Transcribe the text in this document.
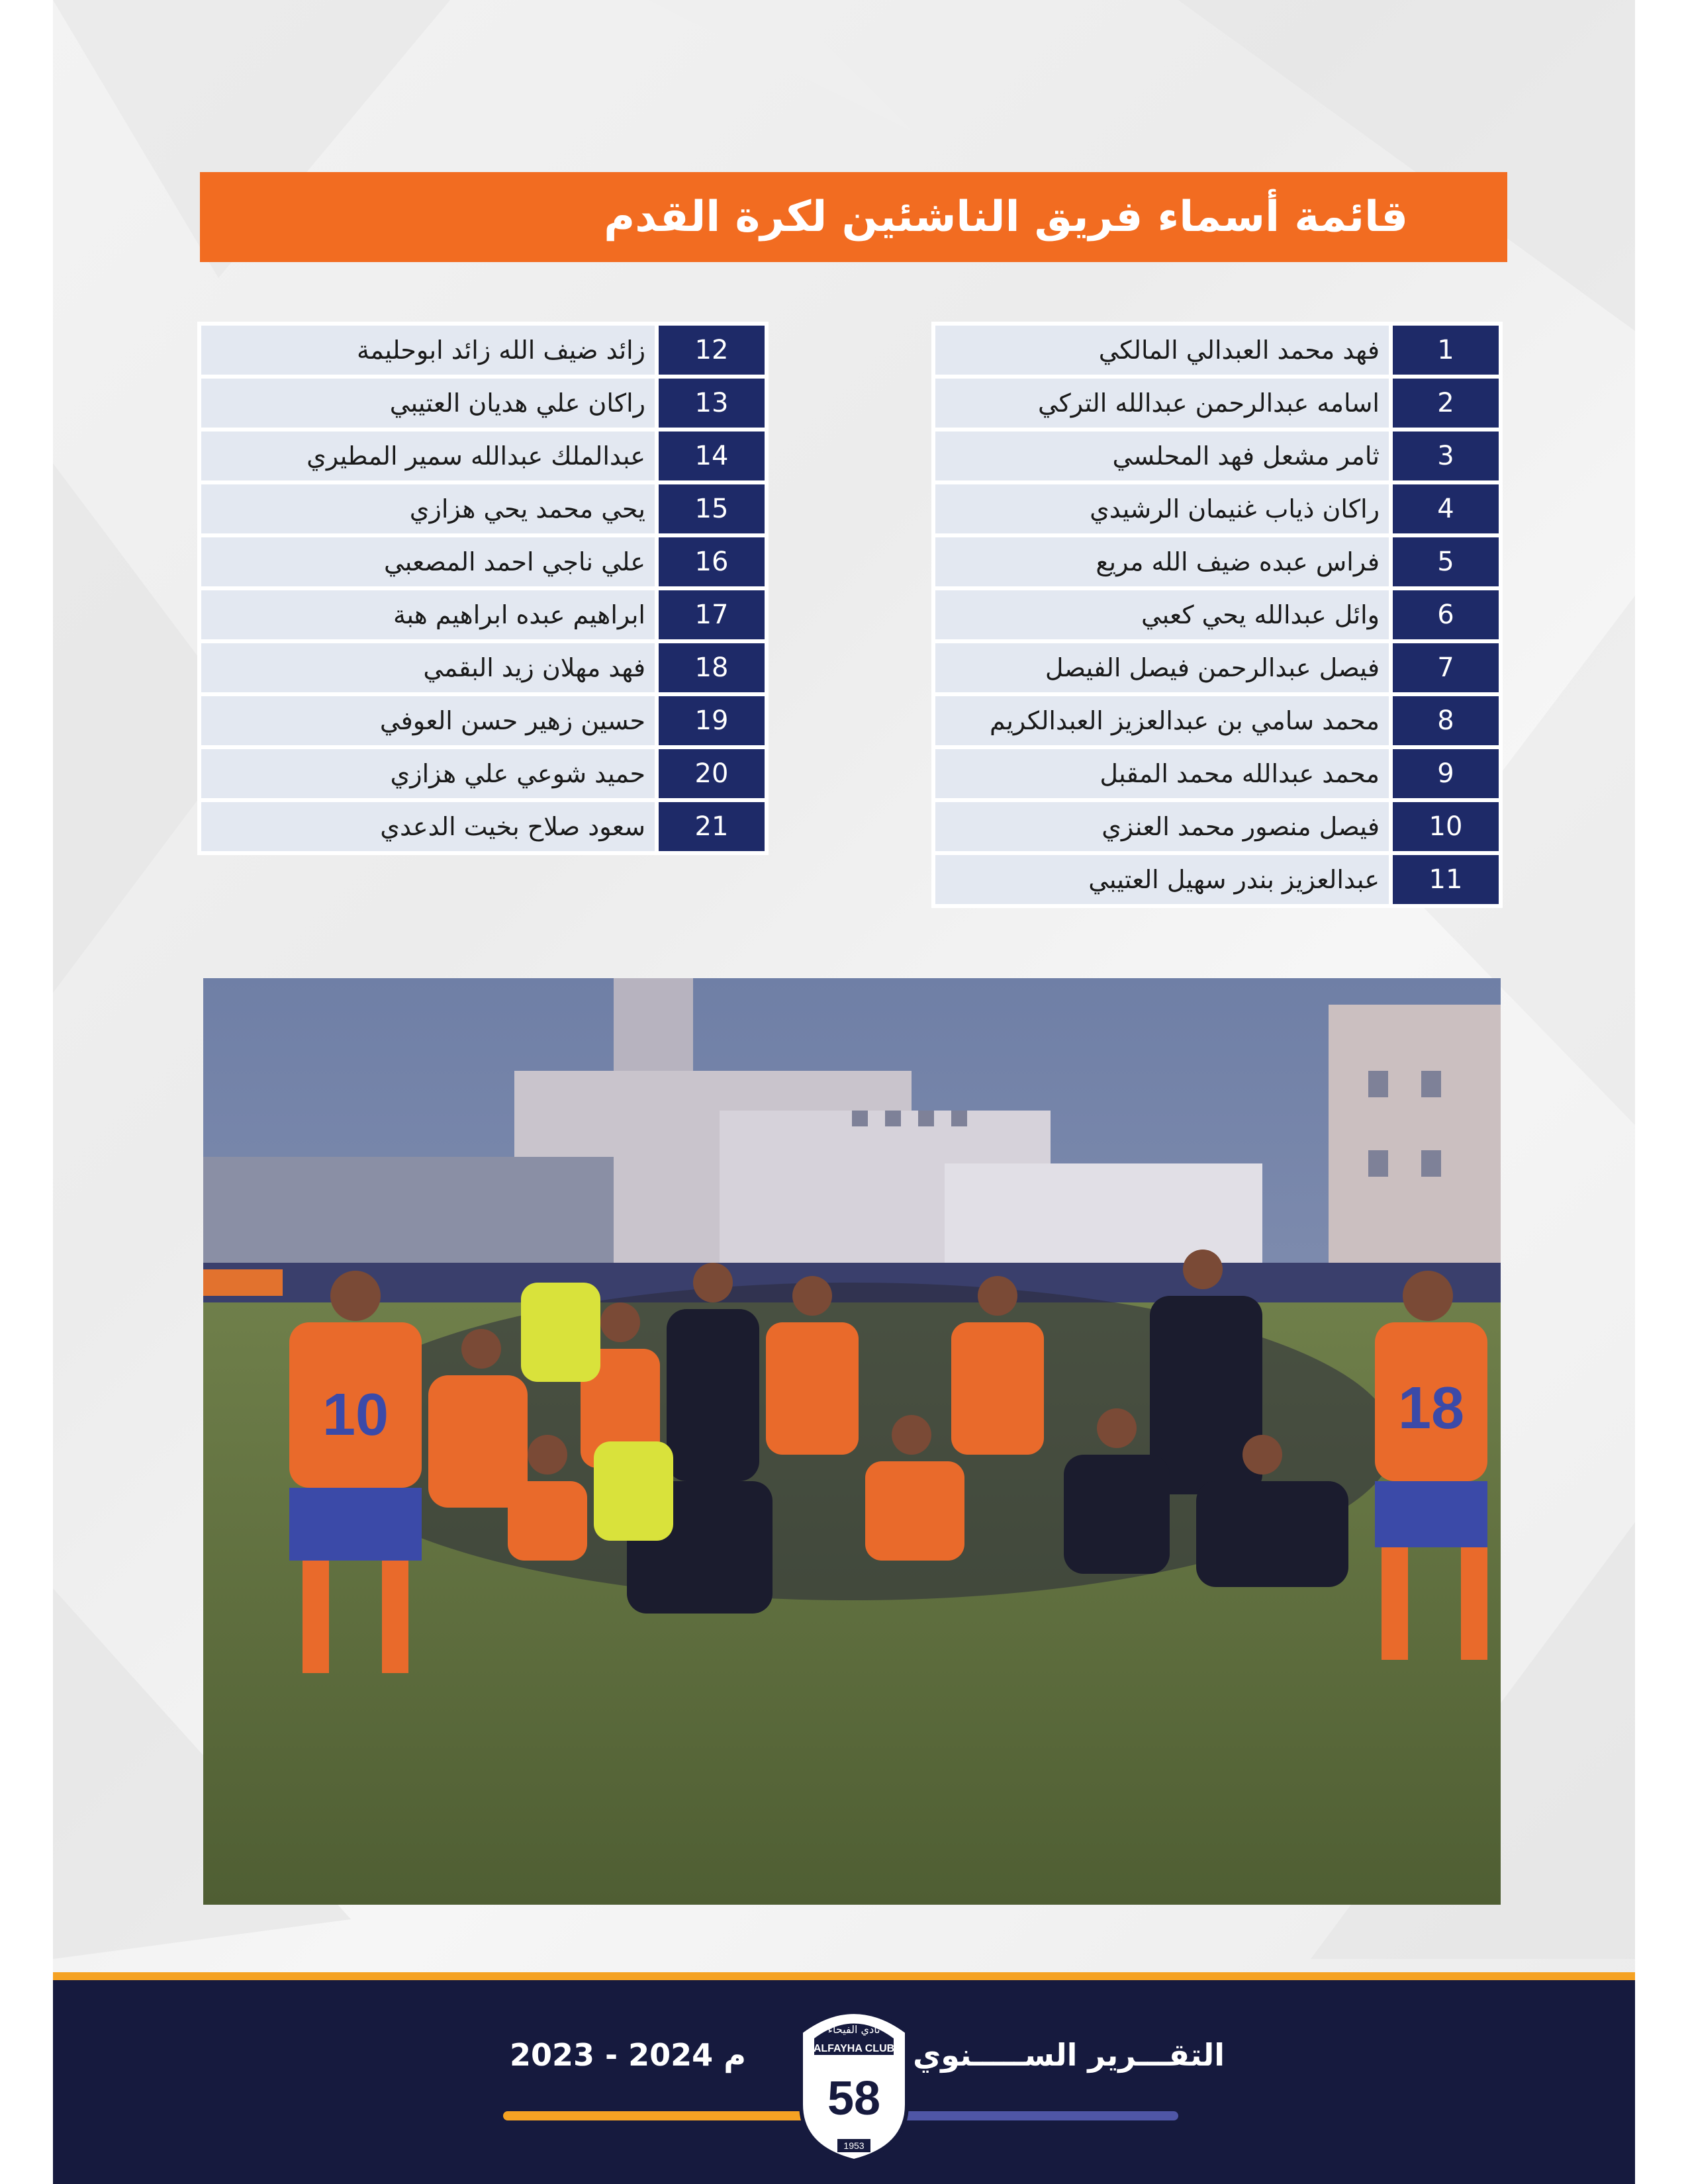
قائمة أسماء فريق الناشئين لكرة القدم
1
فهد محمد العبدالي المالكي
2
اسامه عبدالرحمن عبدالله التركي
3
ثامر مشعل فهد المحلسي
4
راكان ذياب غنيمان الرشيدي
5
فراس عبده ضيف الله مريع
6
وائل عبدالله يحي كعبي
7
فيصل عبدالرحمن فيصل الفيصل
8
محمد سامي بن عبدالعزيز العبدالكريم
9
محمد عبدالله محمد المقبل
10
فيصل منصور محمد العنزي
11
عبدالعزيز بندر سهيل العتيبي
12
زائد ضيف الله زائد ابوحليمة
13
راكان علي هديان العتيبي
14
عبدالملك عبدالله سمير المطيري
15
يحي محمد يحي هزازي
16
علي ناجي احمد المصعبي
17
ابراهيم عبده ابراهيم هبة
18
فهد مهلان زيد البقمي
19
حسين زهير حسن العوفي
20
حميد شوعي علي هزازي
21
سعود صلاح بخيت الدعدي
10	18
التقـــرير الســـــنوي
2023 - 2024 م
نادي الفيحاء
ALFAYHA CLUB
58
1953
